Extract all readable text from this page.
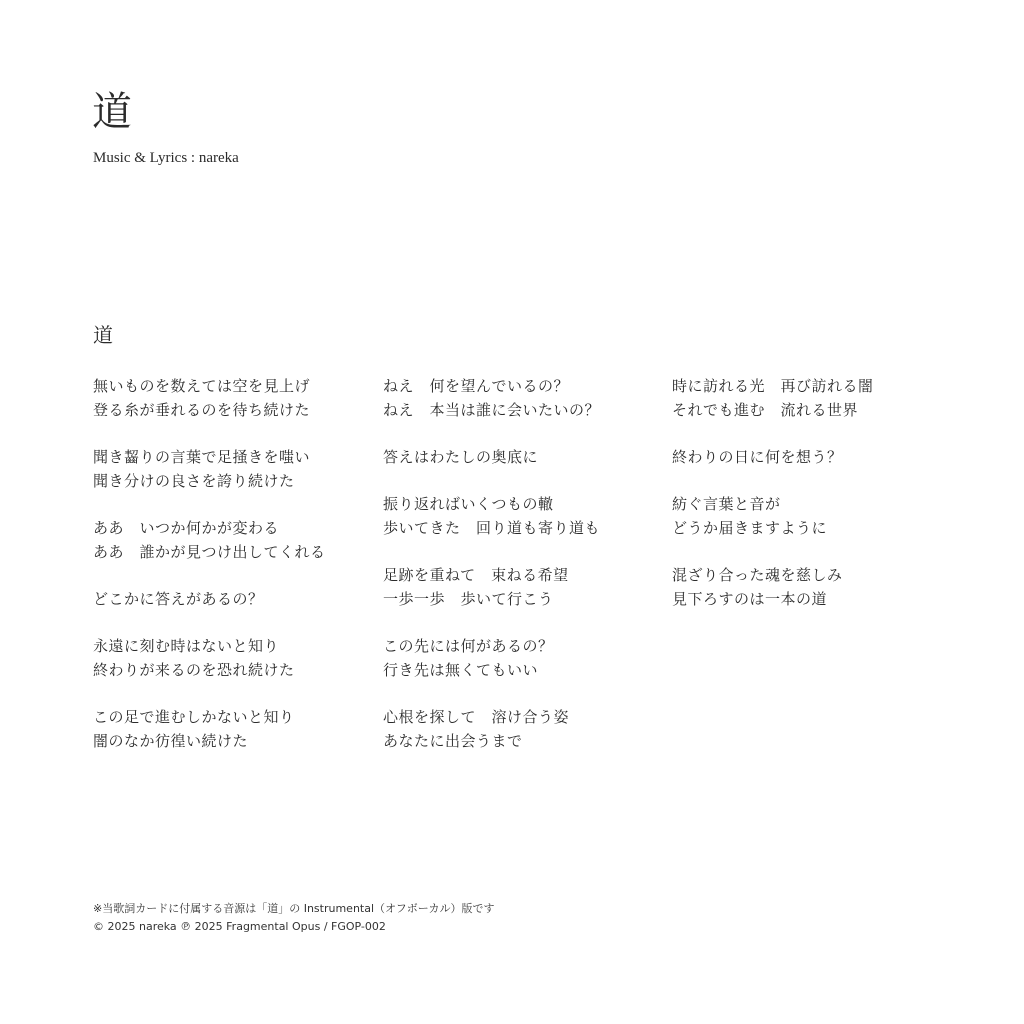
道
Music & Lyrics : nareka
道
無いものを数えては空を見上げ
登る糸が垂れるのを待ち続けた
聞き齧りの言葉で足掻きを嗤い
聞き分けの良さを誇り続けた
ああ　いつか何かが変わる
ああ　誰かが見つけ出してくれる
どこかに答えがあるの？
永遠に刻む時はないと知り
終わりが来るのを恐れ続けた
この足で進むしかないと知り
闇のなか彷徨い続けた
ねえ　何を望んでいるの？
ねえ　本当は誰に会いたいの？
答えはわたしの奥底に
振り返ればいくつもの轍
歩いてきた　回り道も寄り道も
足跡を重ねて　束ねる希望
一歩一歩　歩いて行こう
この先には何があるの？
行き先は無くてもいい
心根を探して　溶け合う姿
あなたに出会うまで
時に訪れる光　再び訪れる闇
それでも進む　流れる世界
終わりの日に何を想う？
紡ぐ言葉と音が
どうか届きますように
混ざり合った魂を慈しみ
見下ろすのは一本の道
※当歌詞カードに付属する音源は「道」の Instrumental（オフボーカル）版です
© 2025 nareka ℗ 2025 Fragmental Opus / FGOP-002
